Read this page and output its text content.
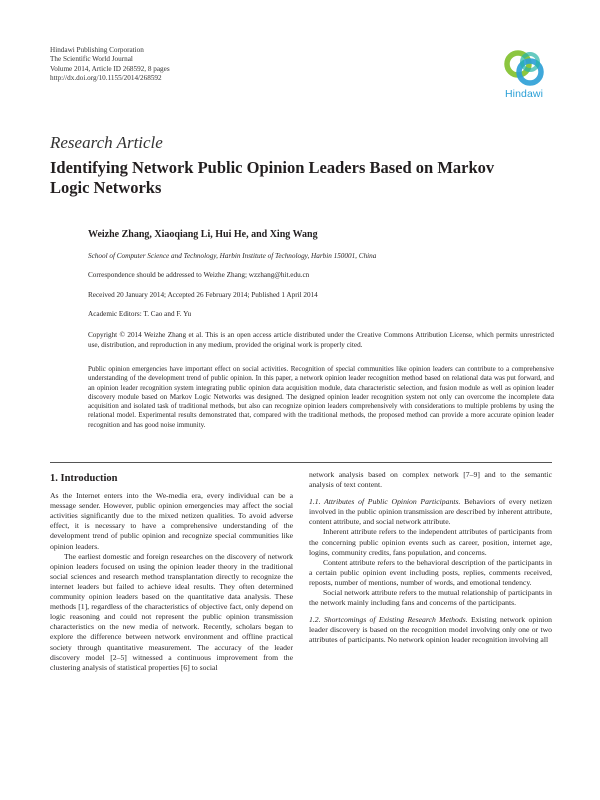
Hindawi Publishing Corporation
The Scientific World Journal
Volume 2014, Article ID 268592, 8 pages
http://dx.doi.org/10.1155/2014/268592
Hindawi
Research Article
Identifying Network Public Opinion Leaders Based on Markov Logic Networks
Weizhe Zhang, Xiaoqiang Li, Hui He, and Xing Wang
School of Computer Science and Technology, Harbin Institute of Technology, Harbin 150001, China
Correspondence should be addressed to Weizhe Zhang; wzzhang@hit.edu.cn
Received 20 January 2014; Accepted 26 February 2014; Published 1 April 2014
Academic Editors: T. Cao and F. Yu
Copyright © 2014 Weizhe Zhang et al. This is an open access article distributed under the Creative Commons Attribution License, which permits unrestricted use, distribution, and reproduction in any medium, provided the original work is properly cited.
Public opinion emergencies have important effect on social activities. Recognition of special communities like opinion leaders can contribute to a comprehensive understanding of the development trend of public opinion. In this paper, a network opinion leader recognition method based on relational data was put forward, and an opinion leader recognition system integrating public opinion data acquisition module, data characteristic selection, and fusion module as well as opinion leader discovery module based on Markov Logic Networks was designed. The designed opinion leader recognition system not only can overcome the incomplete data acquisition and isolated task of traditional methods, but also can recognize opinion leaders comprehensively with considerations to multiple problems by using the relational model. Experimental results demonstrated that, compared with the traditional methods, the proposed method can provide a more accurate opinion leader recognition and has good noise immunity.
1. Introduction

As the Internet enters into the We-media era, every individual can be a message sender. However, public opinion emergencies may affect the social activities significantly due to the mixed netizen qualities. To avoid adverse effect, it is necessary to have a comprehensive understanding of the development trend of public opinion and recognize special communities like opinion leaders.

The earliest domestic and foreign researches on the discovery of network opinion leaders focused on using the opinion leader theory in the traditional social sciences and research method transplantation directly to recognize the internet leaders but failed to achieve ideal results. They often determined community opinion leaders based on the quantitative data analysis. These methods [1], regardless of the characteristics of objective fact, only depend on logic reasoning and could not represent the public opinion transmission characteristics on the new media of network. Recently, scholars began to explore the difference between network environment and offline practical society through quantitative measurement. The accuracy of the leader discovery model [2–5] witnessed a continuous improvement from the clustering analysis of statistical properties [6] to social

network analysis based on complex network [7–9] and to the semantic analysis of text content.

1.1. Attributes of Public Opinion Participants. Behaviors of every netizen involved in the public opinion transmission are described by inherent attribute, content attribute, and social network attribute.

Inherent attribute refers to the independent attributes of participants from the concerning public opinion events such as career, position, internet age, logins, community credits, fans population, and concerns.

Content attribute refers to the behavioral description of the participants in a certain public opinion event including posts, replies, comments received, reposts, number of mentions, number of words, and emotional tendency.

Social network attribute refers to the mutual relationship of participants in the network mainly including fans and concerns of the participants.

1.2. Shortcomings of Existing Research Methods. Existing network opinion leader discovery is based on the recognition model involving only one or two attributes of participants. No network opinion leader recognition involving all
